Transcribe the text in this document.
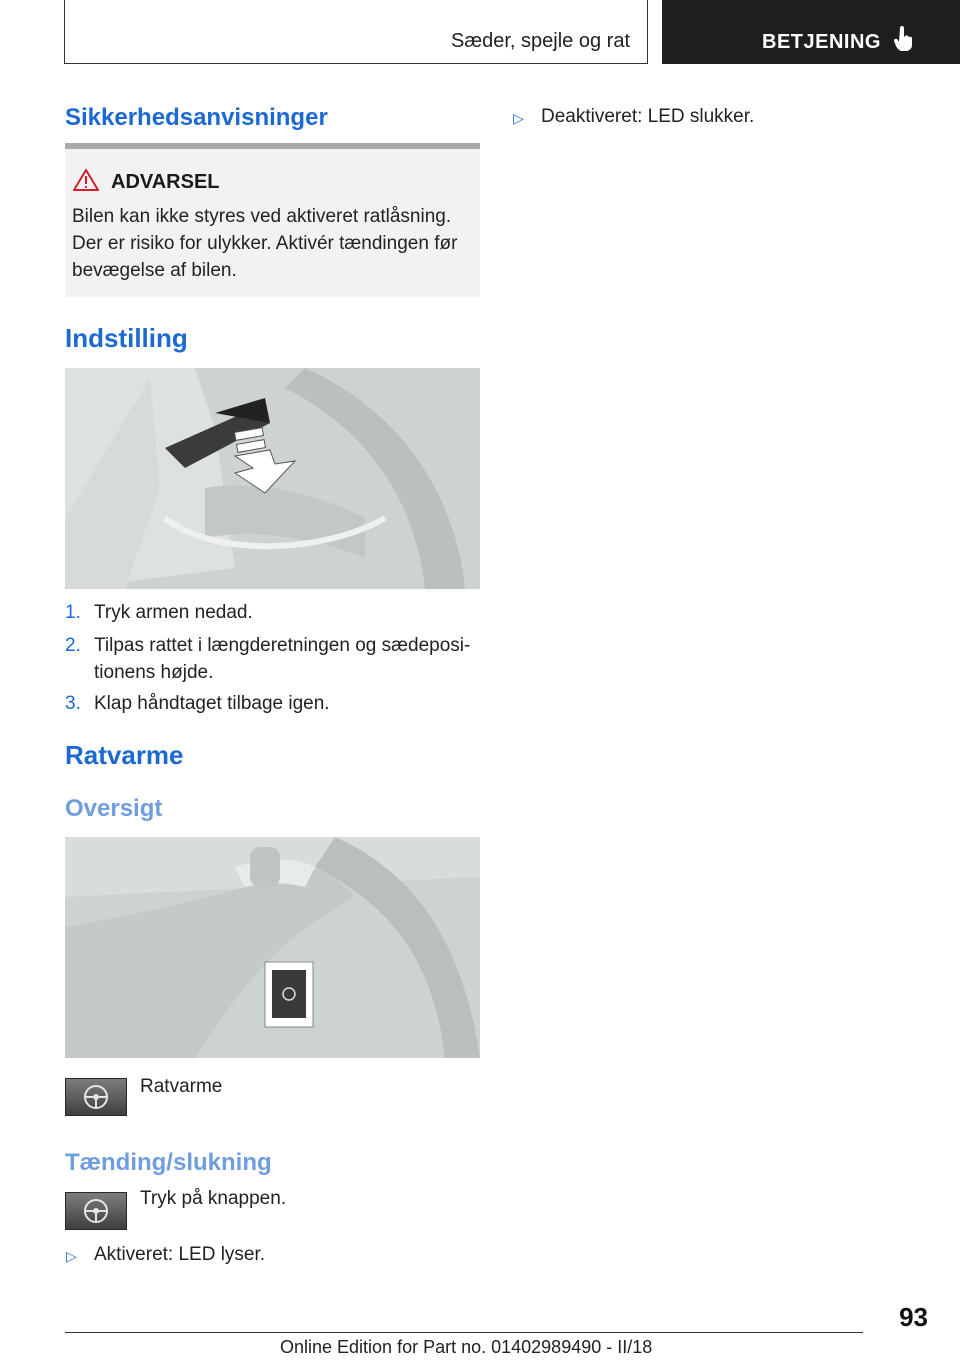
Sæder, spejle og rat	BETJENING
Sikkerhedsanvisninger
ADVARSEL
Bilen kan ikke styres ved aktiveret ratlåsning. Der er risiko for ulykker. Aktivér tændingen før bevægelse af bilen.
Indstilling
1. Tryk armen nedad.
2. Tilpas rattet i længderetningen og sædeposi-tionens højde.
3. Klap håndtaget tilbage igen.
Ratvarme
Oversigt
Ratvarme
Tænding/slukning
Tryk på knappen.
▷ Aktiveret: LED lyser.
▷ Deaktiveret: LED slukker.
93
Online Edition for Part no. 01402989490 - II/18
